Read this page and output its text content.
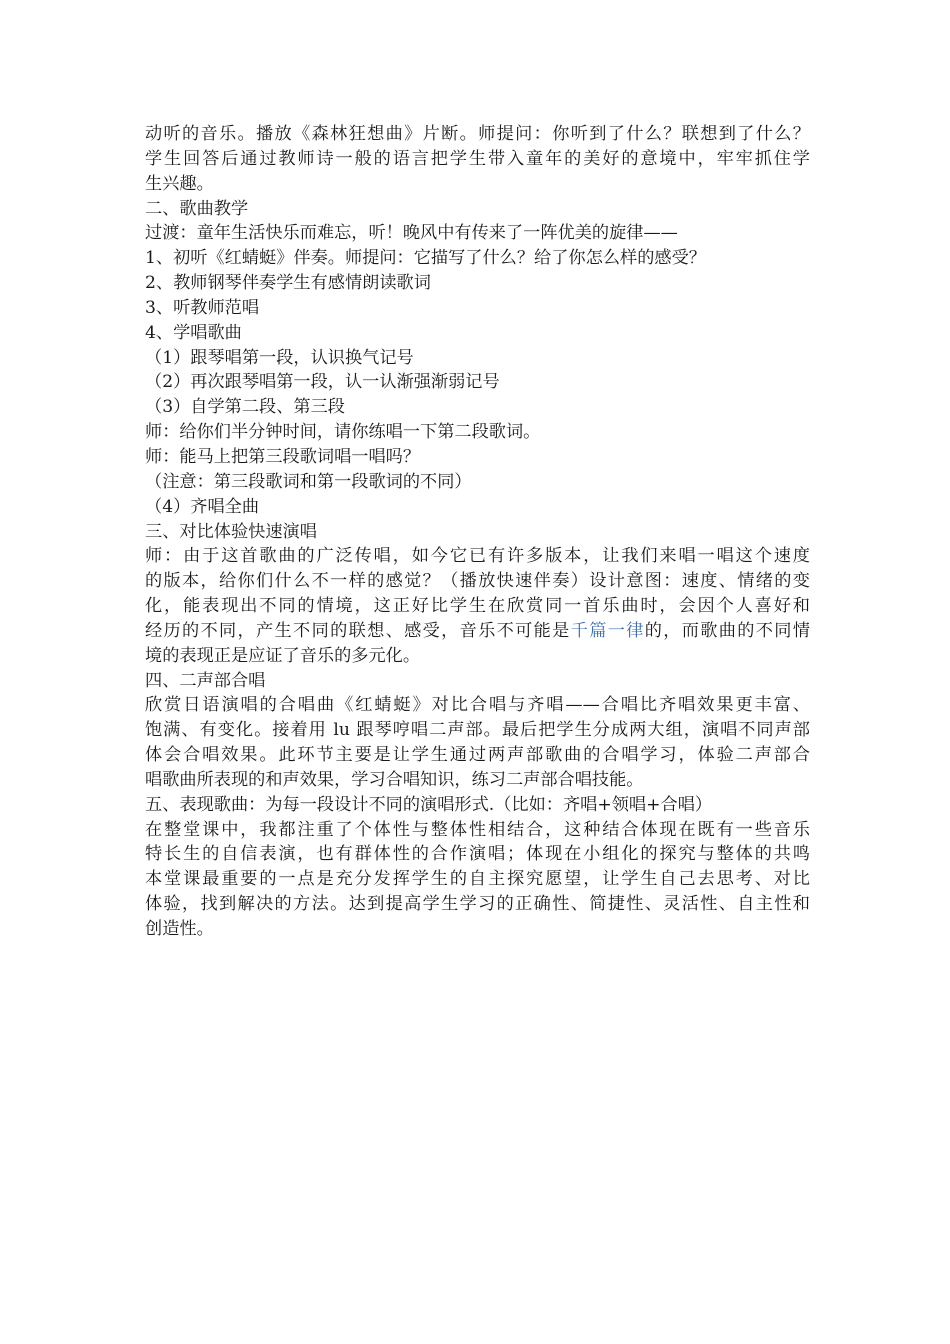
动听的音乐。播放《森林狂想曲》片断。师提问：你听到了什么？联想到了什么？
学生回答后通过教师诗一般的语言把学生带入童年的美好的意境中，牢牢抓住学
生兴趣。
二、歌曲教学
过渡：童年生活快乐而难忘，听！晚风中有传来了一阵优美的旋律——
1、初听《红蜻蜓》伴奏。师提问：它描写了什么？给了你怎么样的感受？
2、教师钢琴伴奏学生有感情朗读歌词
3、听教师范唱
4、学唱歌曲
（1）跟琴唱第一段，认识换气记号
（2）再次跟琴唱第一段，认一认渐强渐弱记号
（3）自学第二段、第三段
师：给你们半分钟时间，请你练唱一下第二段歌词。
师：能马上把第三段歌词唱一唱吗？
（注意：第三段歌词和第一段歌词的不同）
（4）齐唱全曲
三、对比体验快速演唱
师：由于这首歌曲的广泛传唱，如今它已有许多版本，让我们来唱一唱这个速度
的版本，给你们什么不一样的感觉？（播放快速伴奏）设计意图：速度、情绪的变
化，能表现出不同的情境，这正好比学生在欣赏同一首乐曲时，会因个人喜好和
经历的不同，产生不同的联想、感受，音乐不可能是千篇一律的，而歌曲的不同情
境的表现正是应证了音乐的多元化。
四、二声部合唱
欣赏日语演唱的合唱曲《红蜻蜓》对比合唱与齐唱——合唱比齐唱效果更丰富、
饱满、有变化。接着用 lu 跟琴哼唱二声部。最后把学生分成两大组，演唱不同声部
体会合唱效果。此环节主要是让学生通过两声部歌曲的合唱学习，体验二声部合
唱歌曲所表现的和声效果，学习合唱知识，练习二声部合唱技能。
五、表现歌曲：为每一段设计不同的演唱形式.（比如：齐唱+领唱+合唱）
在整堂课中，我都注重了个体性与整体性相结合，这种结合体现在既有一些音乐
特长生的自信表演，也有群体性的合作演唱；体现在小组化的探究与整体的共鸣
本堂课最重要的一点是充分发挥学生的自主探究愿望，让学生自己去思考、对比
体验，找到解决的方法。达到提高学生学习的正确性、简捷性、灵活性、自主性和
创造性。
